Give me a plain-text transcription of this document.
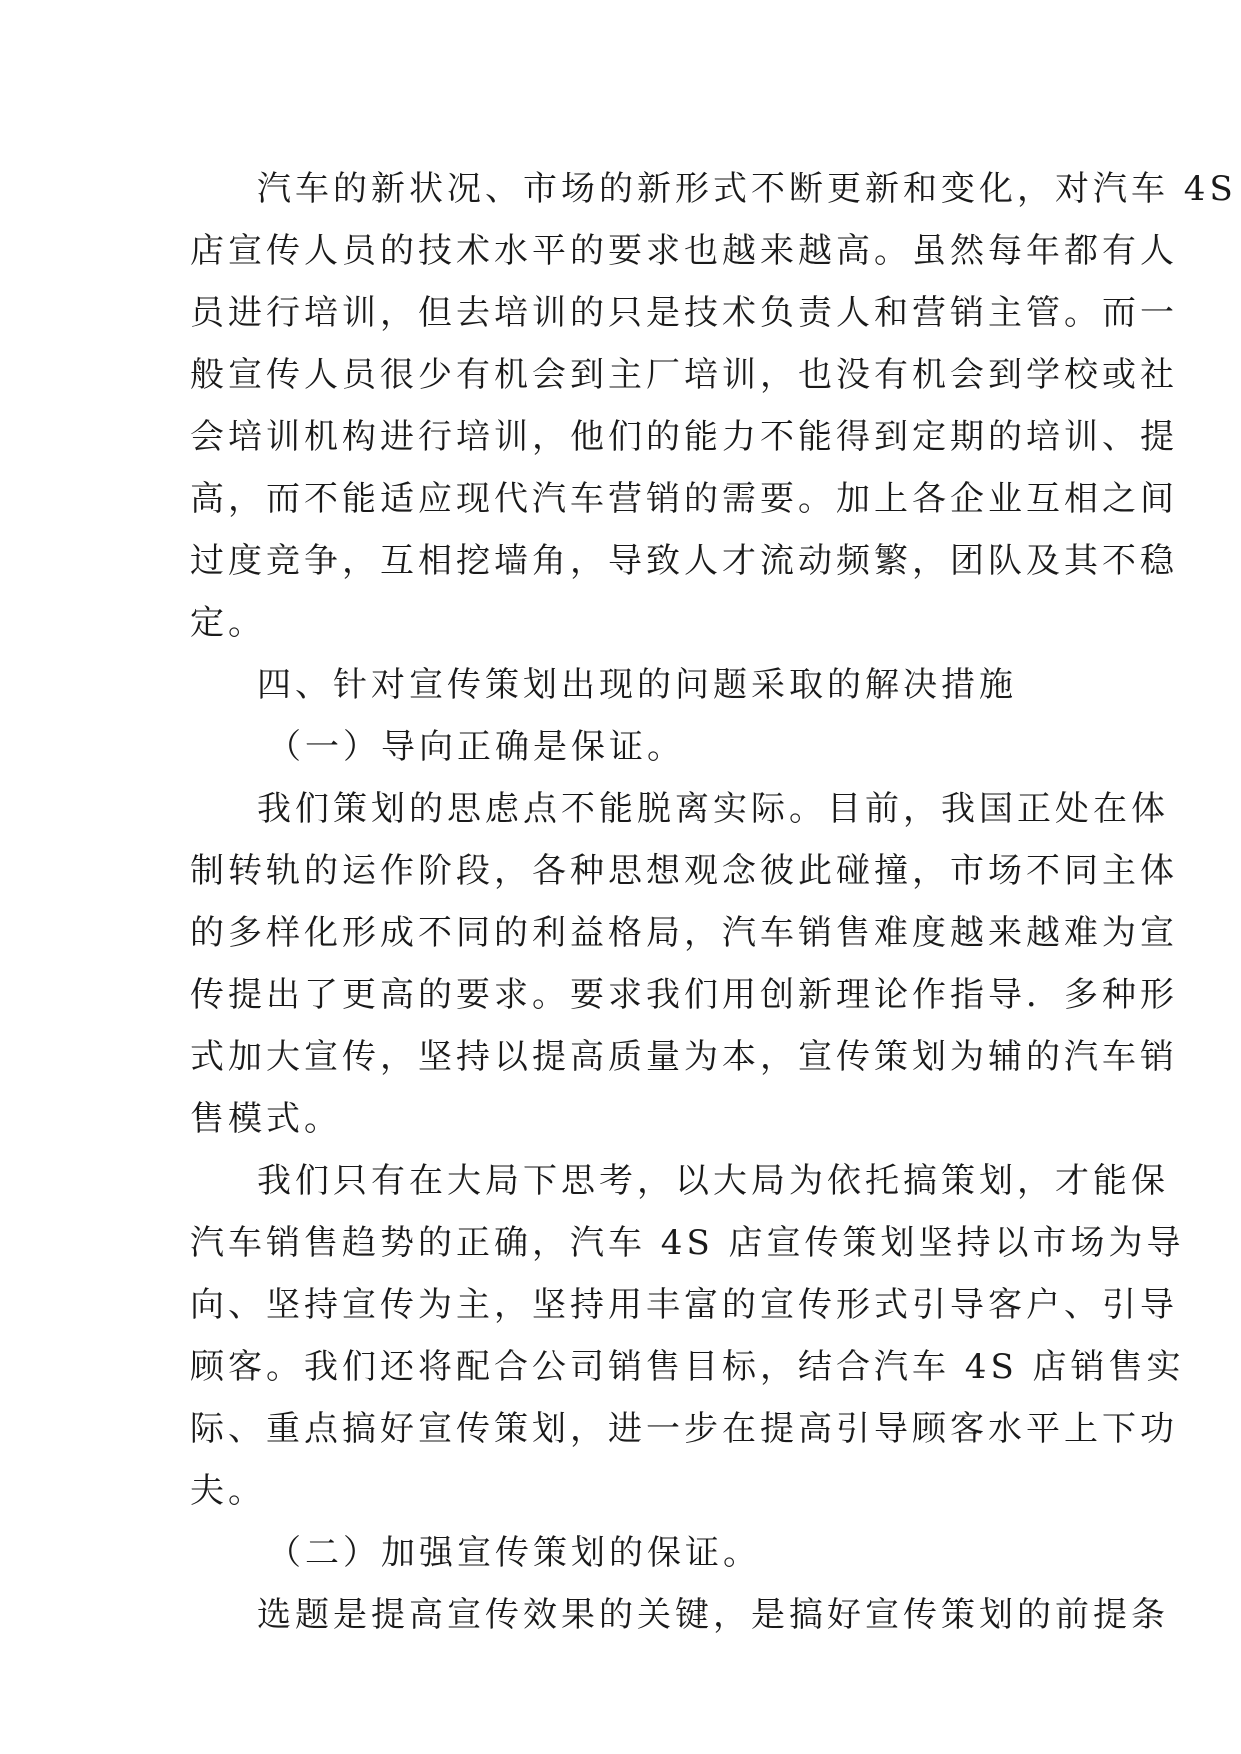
汽车的新状况、市场的新形式不断更新和变化，对汽车 4S
店宣传人员的技术水平的要求也越来越高。虽然每年都有人
员进行培训，但去培训的只是技术负责人和营销主管。而一
般宣传人员很少有机会到主厂培训，也没有机会到学校或社
会培训机构进行培训，他们的能力不能得到定期的培训、提
高，而不能适应现代汽车营销的需要。加上各企业互相之间
过度竞争，互相挖墙角，导致人才流动频繁，团队及其不稳
定。
四、针对宣传策划出现的问题采取的解决措施
（一）导向正确是保证。
我们策划的思虑点不能脱离实际。目前，我国正处在体
制转轨的运作阶段，各种思想观念彼此碰撞，市场不同主体
的多样化形成不同的利益格局，汽车销售难度越来越难为宣
传提出了更高的要求。要求我们用创新理论作指导．多种形
式加大宣传，坚持以提高质量为本，宣传策划为辅的汽车销
售模式。
我们只有在大局下思考，以大局为依托搞策划，才能保
汽车销售趋势的正确，汽车 4S 店宣传策划坚持以市场为导
向、坚持宣传为主，坚持用丰富的宣传形式引导客户、引导
顾客。我们还将配合公司销售目标，结合汽车 4S 店销售实
际、重点搞好宣传策划，进一步在提高引导顾客水平上下功
夫。
（二）加强宣传策划的保证。
选题是提高宣传效果的关键，是搞好宣传策划的前提条
